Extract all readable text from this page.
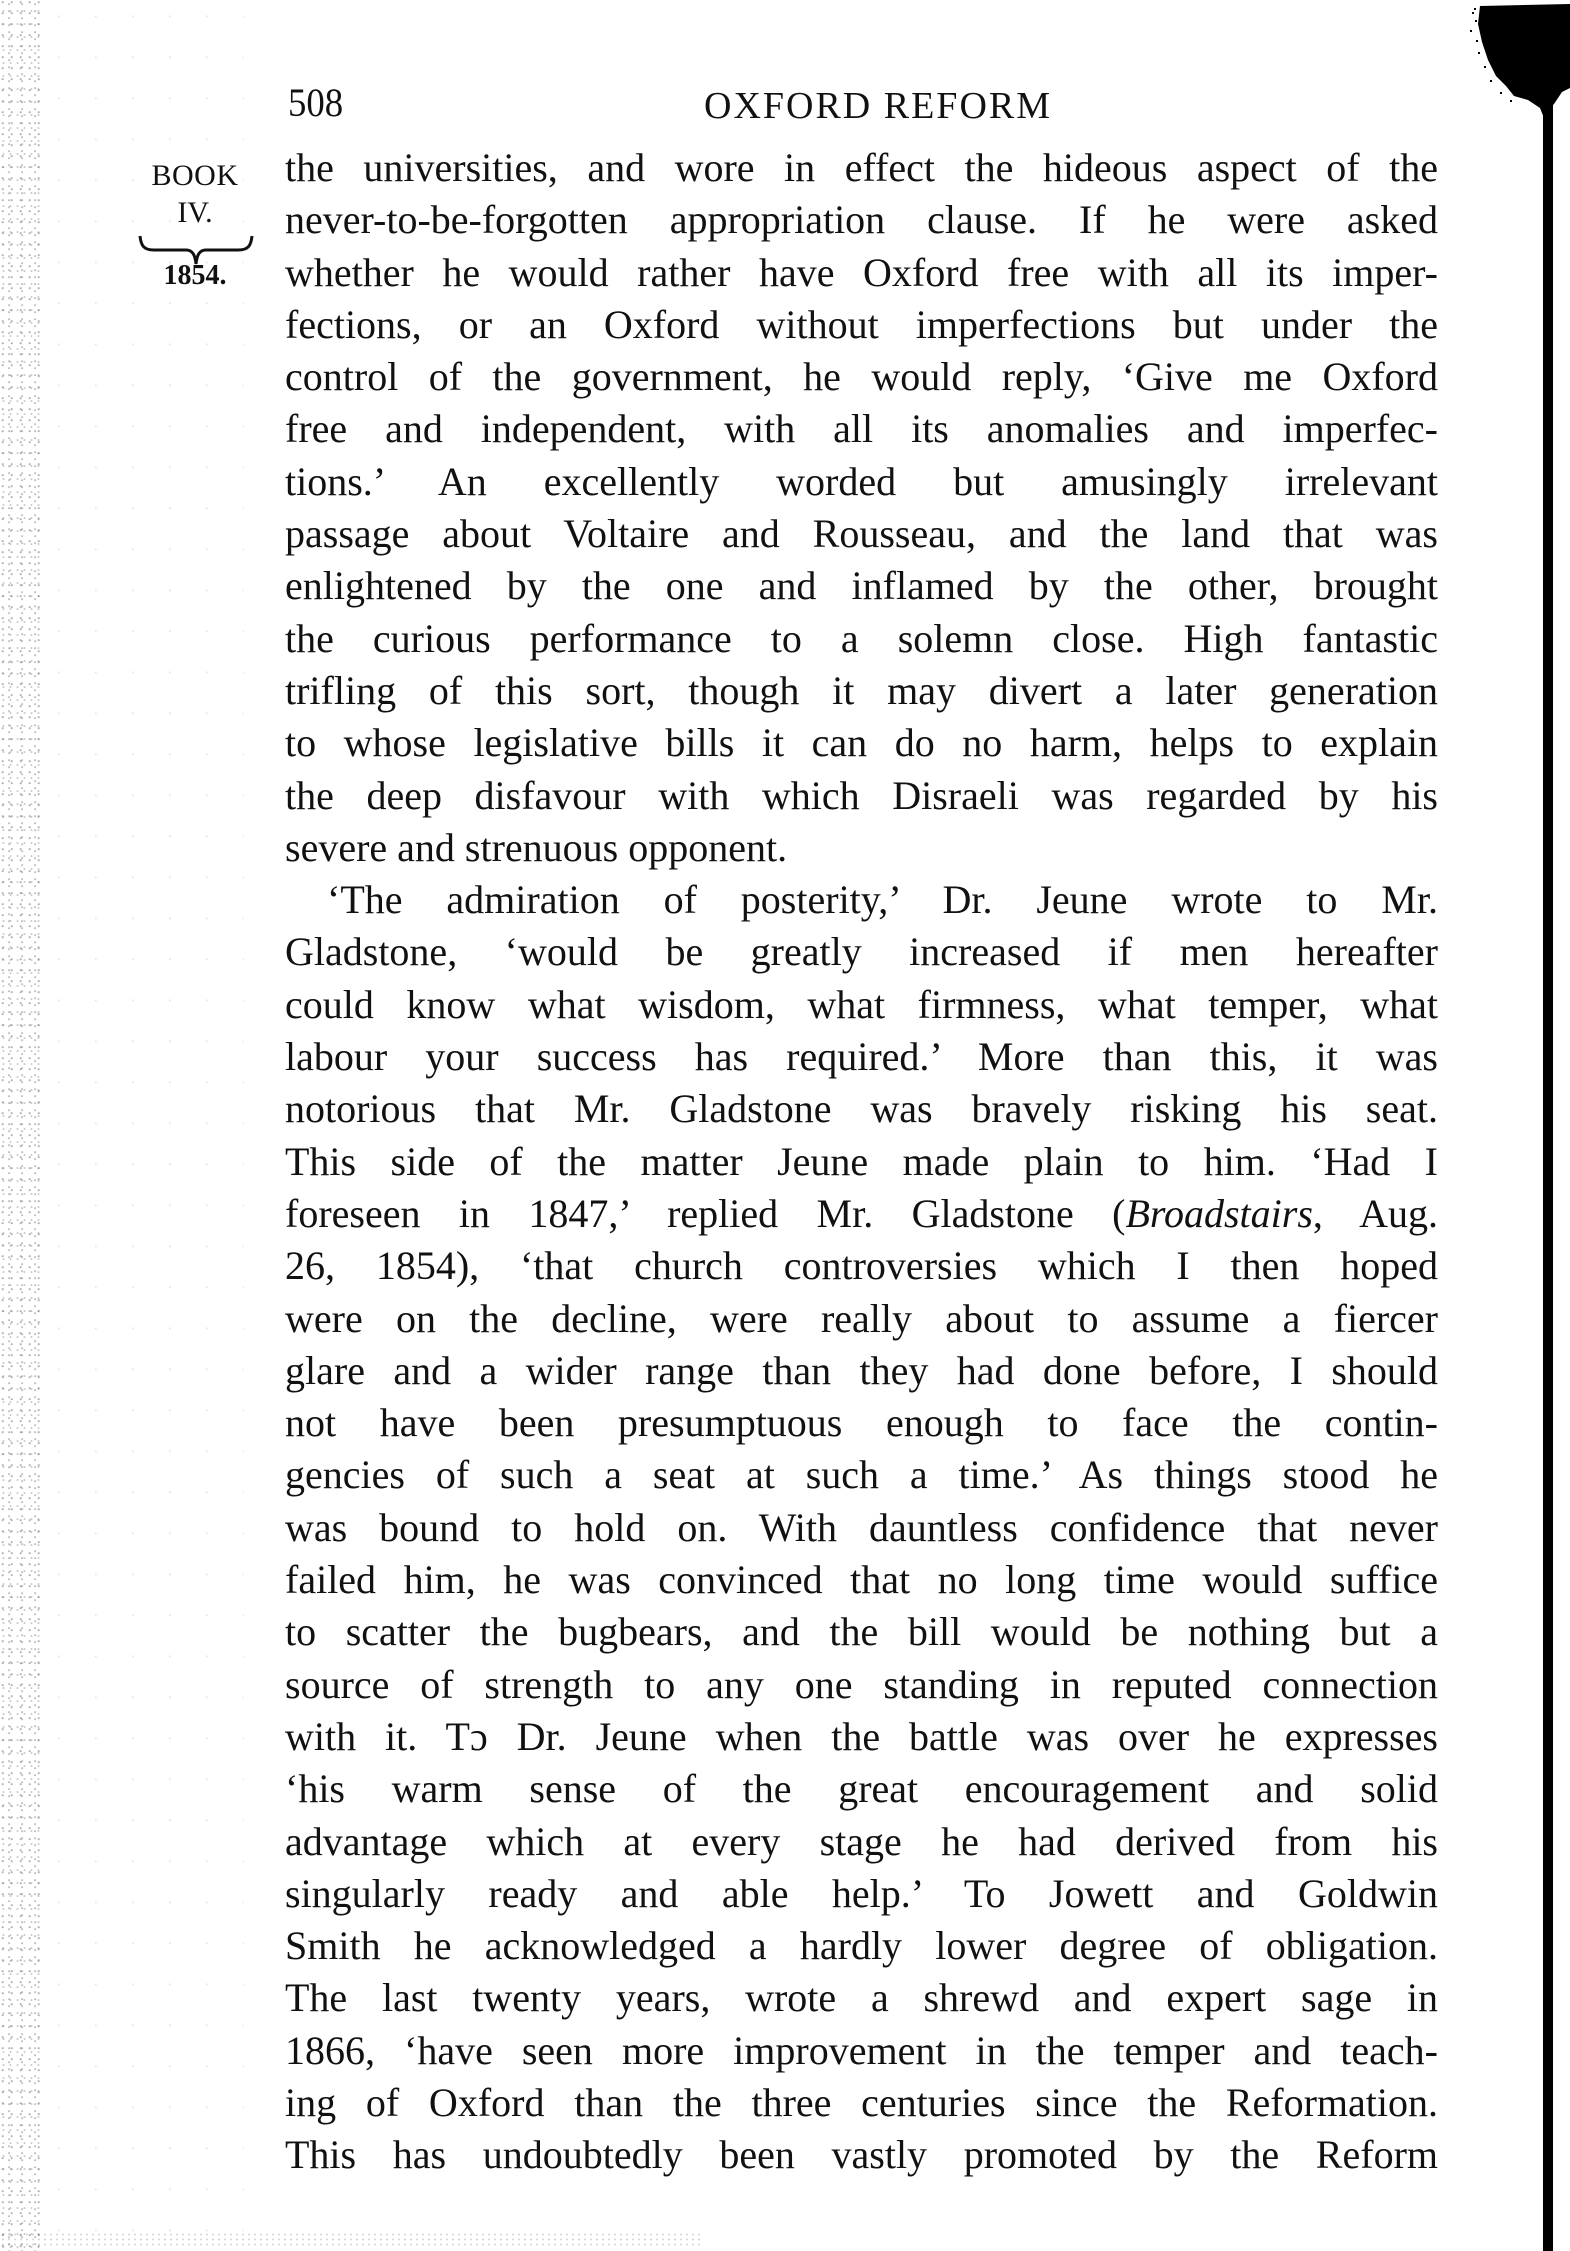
508	OXFORD REFORM
BOOK
IV.
1854.
the universities, and wore in effect the hideous aspect of the
never-to-be-forgotten appropriation clause. If he were asked
whether he would rather have Oxford free with all its imper-
fections, or an Oxford without imperfections but under the
control of the government, he would reply, ‘Give me Oxford
free and independent, with all its anomalies and imperfec-
tions.’ An excellently worded but amusingly irrelevant
passage about Voltaire and Rousseau, and the land that was
enlightened by the one and inflamed by the other, brought
the curious performance to a solemn close. High fantastic
trifling of this sort, though it may divert a later generation
to whose legislative bills it can do no harm, helps to explain
the deep disfavour with which Disraeli was regarded by his
severe and strenuous opponent.
‘The admiration of posterity,’ Dr. Jeune wrote to Mr.
Gladstone, ‘would be greatly increased if men hereafter
could know what wisdom, what firmness, what temper, what
labour your success has required.’ More than this, it was
notorious that Mr. Gladstone was bravely risking his seat.
This side of the matter Jeune made plain to him. ‘Had I
foreseen in 1847,’ replied Mr. Gladstone (Broadstairs, Aug.
26, 1854), ‘that church controversies which I then hoped
were on the decline, were really about to assume a fiercer
glare and a wider range than they had done before, I should
not have been presumptuous enough to face the contin-
gencies of such a seat at such a time.’ As things stood he
was bound to hold on. With dauntless confidence that never
failed him, he was convinced that no long time would suffice
to scatter the bugbears, and the bill would be nothing but a
source of strength to any one standing in reputed connection
with it. Tɔ Dr. Jeune when the battle was over he expresses
‘his warm sense of the great encouragement and solid
advantage which at every stage he had derived from his
singularly ready and able help.’ To Jowett and Goldwin
Smith he acknowledged a hardly lower degree of obligation.
The last twenty years, wrote a shrewd and expert sage in
1866, ‘have seen more improvement in the temper and teach-
ing of Oxford than the three centuries since the Reformation.
This has undoubtedly been vastly promoted by the Reform
